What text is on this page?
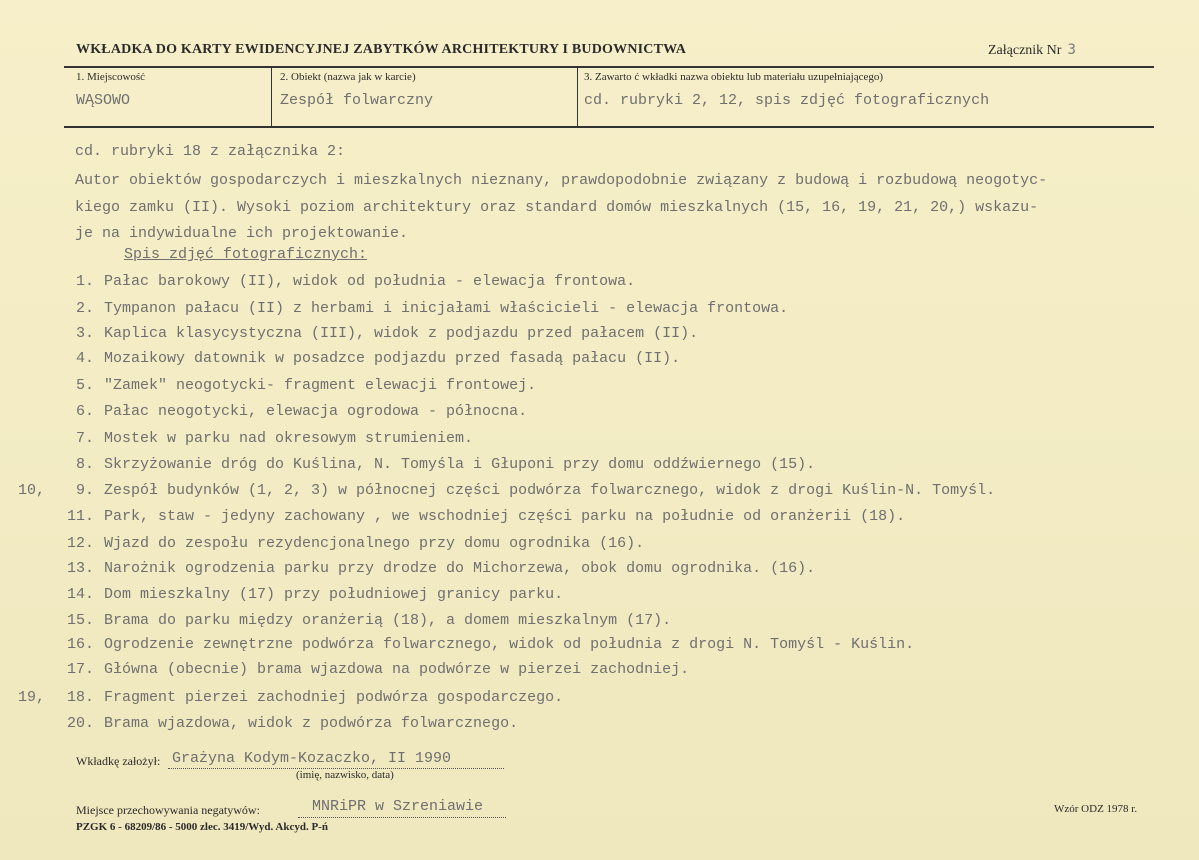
WKŁADKA DO KARTY EWIDENCYJNEJ ZABYTKÓW ARCHITEKTURY I BUDOWNICTWA	Załącznik Nr 3
1. Miejscowość
WĄSOWO
2. Obiekt (nazwa jak w karcie)
Zespół folwarczny
3. Zawarto ć wkładki nazwa obiektu lub materiału uzupełniającego)
cd. rubryki 2, 12, spis zdjęć fotograficznych
cd. rubryki 18 z załącznika 2:
Autor obiektów gospodarczych i mieszkalnych nieznany, prawdopodobnie związany z budową i rozbudową neogotyc-
kiego zamku (II). Wysoki poziom architektury oraz standard domów mieszkalnych (15, 16, 19, 21, 20,) wskazu-
je na indywidualne ich projektowanie.
Spis zdjęć fotograficznych:
1. Pałac barokowy (II), widok od południa - elewacja frontowa.
2. Tympanon pałacu (II) z herbami i inicjałami właścicieli - elewacja frontowa.
3. Kaplica klasycystyczna (III), widok z podjazdu przed pałacem (II).
4. Mozaikowy datownik w posadzce podjazdu przed fasadą pałacu (II).
5. "Zamek" neogotycki- fragment elewacji frontowej.
6. Pałac neogotycki, elewacja ogrodowa - północna.
7. Mostek w parku nad okresowym strumieniem.
8. Skrzyżowanie dróg do Kuślina, N. Tomyśla i Głuponi przy domu oddźwiernego (15).
9. Zespół budynków (1, 2, 3) w północnej części podwórza folwarcznego, widok z drogi Kuślin-N. Tomyśl.
11. Park, staw - jedyny zachowany , we wschodniej części parku na południe od oranżerii (18).
12. Wjazd do zespołu rezydencjonalnego przy domu ogrodnika (16).
13. Narożnik ogrodzenia parku przy drodze do Michorzewa, obok domu ogrodnika. (16).
14. Dom mieszkalny (17) przy południowej granicy parku.
15. Brama do parku między oranżerią (18), a domem mieszkalnym (17).
16. Ogrodzenie zewnętrzne podwórza folwarcznego, widok od południa z drogi N. Tomyśl - Kuślin.
17. Główna (obecnie) brama wjazdowa na podwórze w pierzei zachodniej.
18. Fragment pierzei zachodniej podwórza gospodarczego.
20. Brama wjazdowa, widok z podwórza folwarcznego.
10,
19,
Wkładkę założył: Grażyna Kodym-Kozaczko, II 1990
(imię, nazwisko, data)
Miejsce przechowywania negatywów:	MNRiPR w Szreniawie
PZGK 6 - 68209/86 - 5000 zlec. 3419/Wyd. Akcyd. P-ń
Wzór ODZ 1978 r.
